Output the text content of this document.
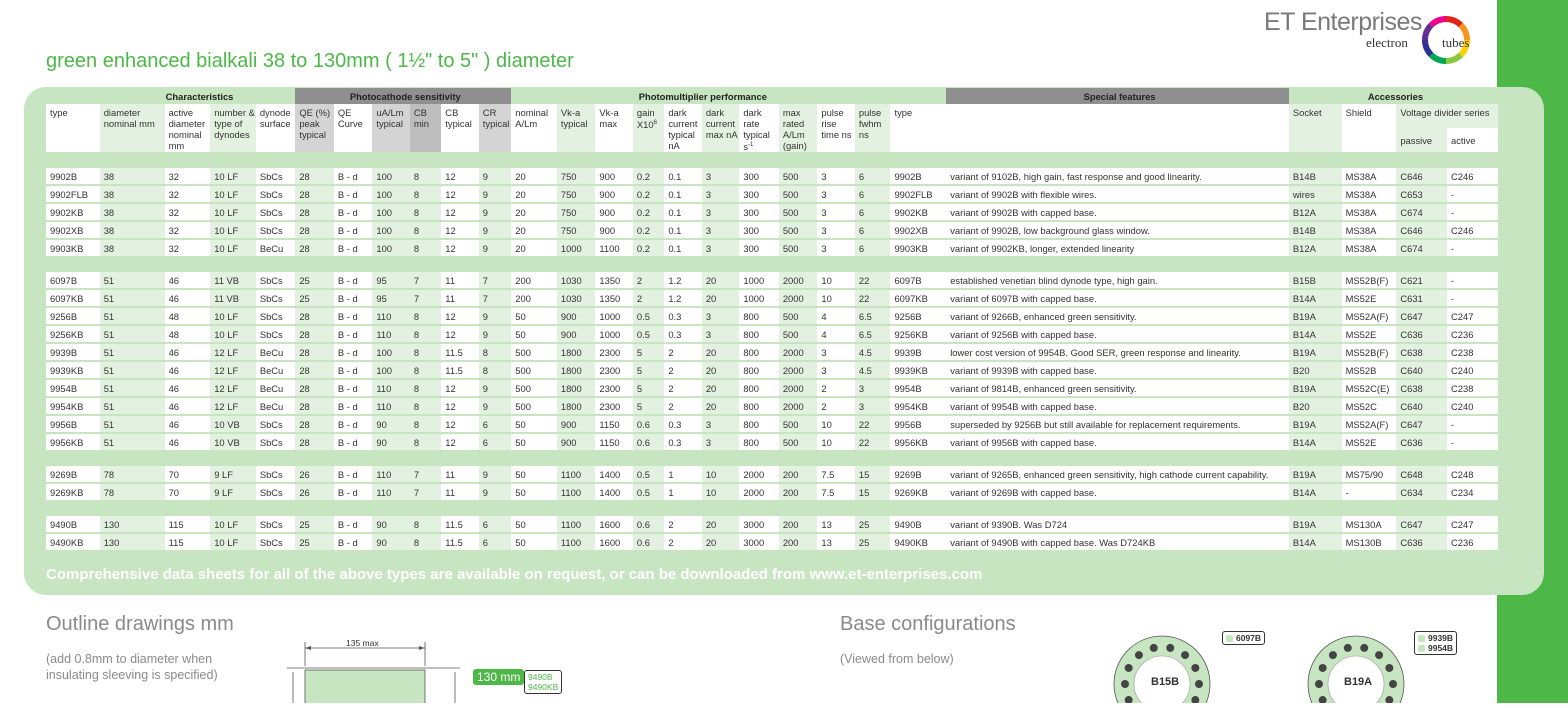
ET Enterprises
electron	tubes
green enhanced bialkali 38 to 130mm ( 1½" to 5" ) diameter
	Characteristics				Photocathode sensitivity						Photomultiplier performance											Special features	Accessories			
type	diameter nominal mm	active diameter nominal mm	number & type of dynodes	dynode surface	QE (%) peak typical	QE Curve	uA/Lm typical	CB min	CB typical	CR typical	nominal A/Lm	Vk-a typical	Vk-a max	gain $X10^6$	dark current typical nA	dark current max nA	dark rate typical $s^{-1}$	max rated A/Lm (gain)	pulse rise time ns	pulse fwhm ns	type		Socket	Shield	Voltage divider series	
																									passive	active

9902B	38	32	10 LF	SbCs	28	B - d	100	8	12	9	20	750	900	0.2	0.1	3	300	500	3	6	9902B	variant of 9102B, high gain, fast response and good linearity.	B14B	MS38A	C646	C246
9902FLB	38	32	10 LF	SbCs	28	B - d	100	8	12	9	20	750	900	0.2	0.1	3	300	500	3	6	9902FLB	variant of 9902B with flexible wires.	wires	MS38A	C653	-
9902KB	38	32	10 LF	SbCs	28	B - d	100	8	12	9	20	750	900	0.2	0.1	3	300	500	3	6	9902KB	variant of 9902B with capped base.	B12A	MS38A	C674	-
9902XB	38	32	10 LF	SbCs	28	B - d	100	8	12	9	20	750	900	0.2	0.1	3	300	500	3	6	9902XB	variant of 9902B, low background glass window.	B14B	MS38A	C646	C246
9903KB	38	32	10 LF	BeCu	28	B - d	100	8	12	9	20	1000	1100	0.2	0.1	3	300	500	3	6	9903KB	variant of 9902KB, longer, extended linearity	B12A	MS38A	C674	-

6097B	51	46	11 VB	SbCs	25	B - d	95	7	11	7	200	1030	1350	2	1.2	20	1000	2000	10	22	6097B	established venetian blind dynode type, high gain.	B15B	MS52B(F)	C621	-
6097KB	51	46	11 VB	SbCs	25	B - d	95	7	11	7	200	1030	1350	2	1.2	20	1000	2000	10	22	6097KB	variant of 6097B with capped base.	B14A	MS52E	C631	-
9256B	51	48	10 LF	SbCs	28	B - d	110	8	12	9	50	900	1000	0.5	0.3	3	800	500	4	6.5	9256B	variant of 9266B, enhanced green sensitivity.	B19A	MS52A(F)	C647	C247
9256KB	51	48	10 LF	SbCs	28	B - d	110	8	12	9	50	900	1000	0.5	0.3	3	800	500	4	6.5	9256KB	variant of 9256B with capped base.	B14A	MS52E	C636	C236
9939B	51	46	12 LF	BeCu	28	B - d	100	8	11.5	8	500	1800	2300	5	2	20	800	2000	3	4.5	9939B	lower cost version of 9954B. Good SER, green response and linearity.	B19A	MS52B(F)	C638	C238
9939KB	51	46	12 LF	BeCu	28	B - d	100	8	11.5	8	500	1800	2300	5	2	20	800	2000	3	4.5	9939KB	variant of 9939B with capped base.	B20	MS52B	C640	C240
9954B	51	46	12 LF	BeCu	28	B - d	110	8	12	9	500	1800	2300	5	2	20	800	2000	2	3	9954B	variant of 9814B, enhanced green sensitivity.	B19A	MS52C(E)	C638	C238
9954KB	51	46	12 LF	BeCu	28	B - d	110	8	12	9	500	1800	2300	5	2	20	800	2000	2	3	9954KB	variant of 9954B with capped base.	B20	MS52C	C640	C240
9956B	51	46	10 VB	SbCs	28	B - d	90	8	12	6	50	900	1150	0.6	0.3	3	800	500	10	22	9956B	superseded by 9256B but still available for replacement requirements.	B19A	MS52A(F)	C647	-
9956KB	51	46	10 VB	SbCs	28	B - d	90	8	12	6	50	900	1150	0.6	0.3	3	800	500	10	22	9956KB	variant of 9956B with capped base.	B14A	MS52E	C636	-

9269B	78	70	9 LF	SbCs	26	B - d	110	7	11	9	50	1100	1400	0.5	1	10	2000	200	7.5	15	9269B	variant of 9265B, enhanced green sensitivity, high cathode current capability.	B19A	MS75/90	C648	C248
9269KB	78	70	9 LF	SbCs	26	B - d	110	7	11	9	50	1100	1400	0.5	1	10	2000	200	7.5	15	9269KB	variant of 9269B with capped base.	B14A	-	C634	C234

9490B	130	115	10 LF	SbCs	25	B - d	90	8	11.5	6	50	1100	1600	0.6	2	20	3000	200	13	25	9490B	variant of 9390B. Was D724	B19A	MS130A	C647	C247
9490KB	130	115	10 LF	SbCs	25	B - d	90	8	11.5	6	50	1100	1600	0.6	2	20	3000	200	13	25	9490KB	variant of 9490B with capped base. Was D724KB	B14A	MS130B	C636	C236
Comprehensive data sheets for all of the above types are available on request, or can be downloaded from www.et-enterprises.com
Outline drawings mm
(add 0.8mm to diameter when insulating sleeving is specified)
135 max
130 mm 9490B
9490KB
Base configurations
(Viewed from below)
B15B
6097B
B19A
9939B
9954B
